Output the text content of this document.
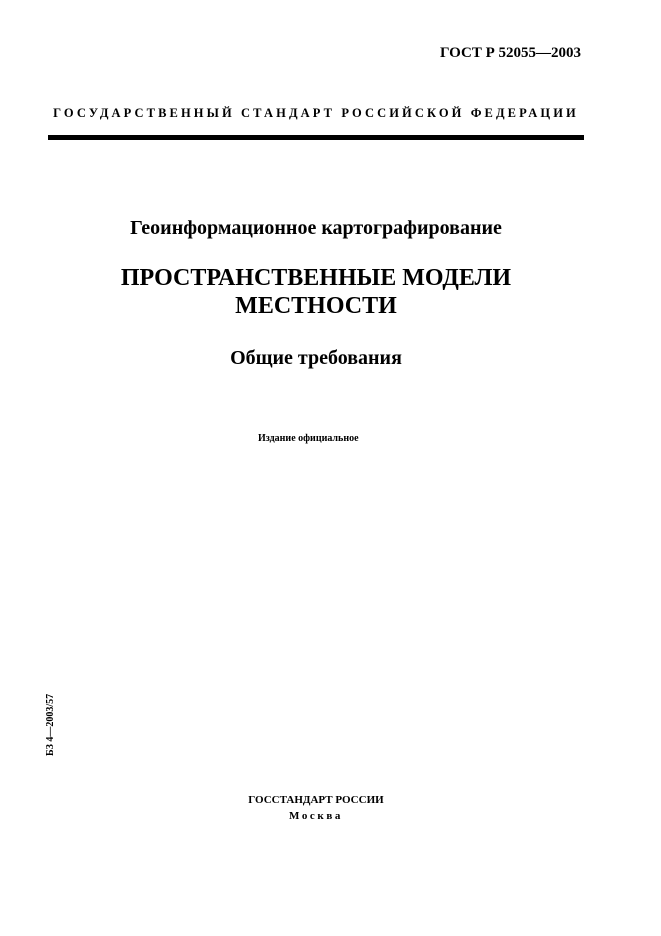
ГОСТ Р 52055—2003
ГОСУДАРСТВЕННЫЙ СТАНДАРТ РОССИЙСКОЙ ФЕДЕРАЦИИ
Геоинформационное картографирование
ПРОСТРАНСТВЕННЫЕ МОДЕЛИ
МЕСТНОСТИ
Общие требования
Издание официальное
БЗ 4—2003/57
ГОССТАНДАРТ РОССИИ
Москва
